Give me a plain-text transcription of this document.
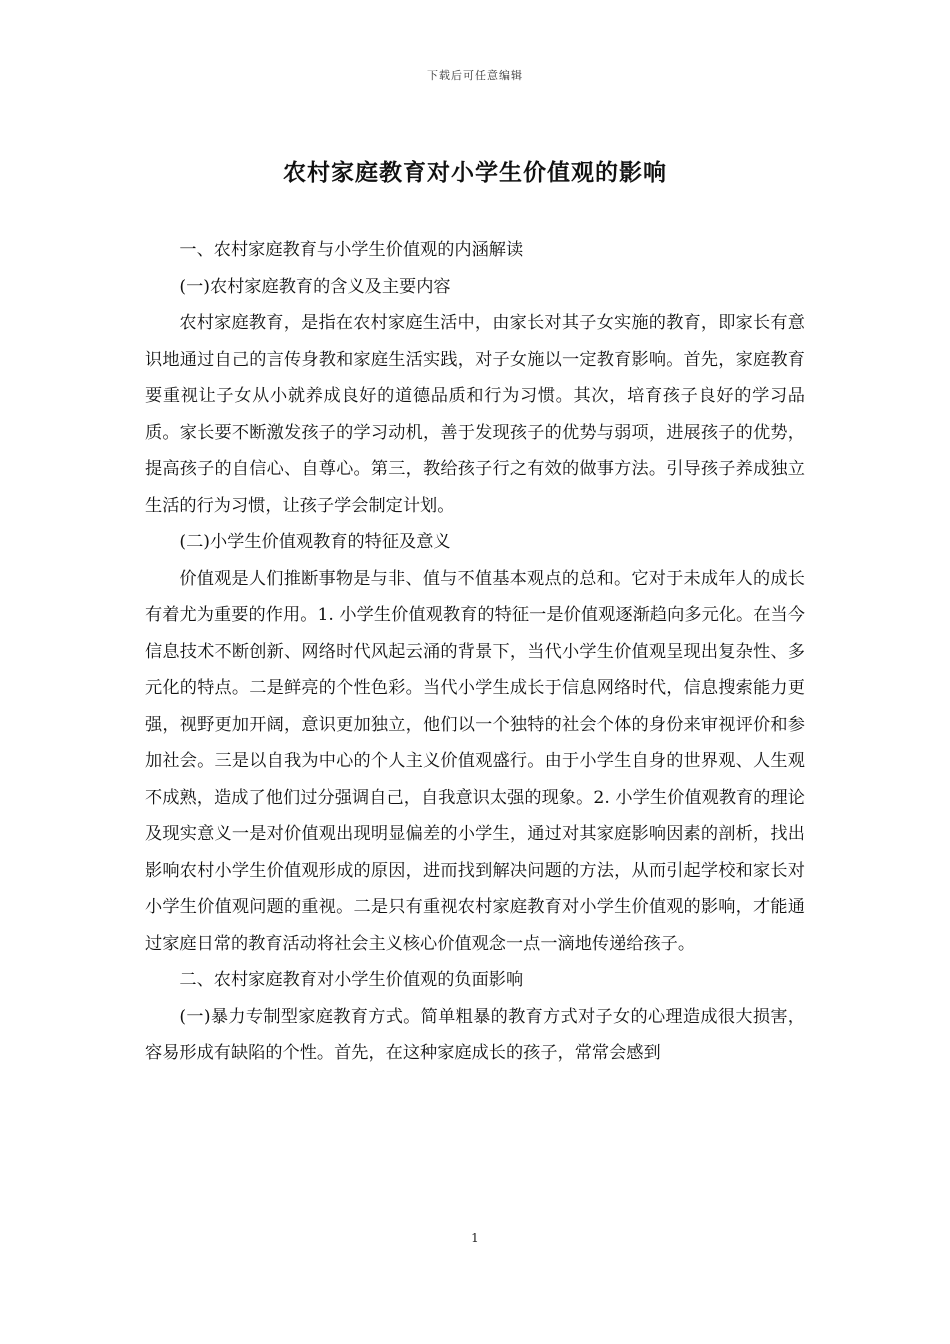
下载后可任意编辑
农村家庭教育对小学生价值观的影响

一、农村家庭教育与小学生价值观的内涵解读

(一)农村家庭教育的含义及主要内容

农村家庭教育，是指在农村家庭生活中，由家长对其子女实施的教育，即家长有意识地通过自己的言传身教和家庭生活实践，对子女施以一定教育影响。首先，家庭教育要重视让子女从小就养成良好的道德品质和行为习惯。其次，培育孩子良好的学习品质。家长要不断激发孩子的学习动机，善于发现孩子的优势与弱项，进展孩子的优势，提高孩子的自信心、自尊心。第三，教给孩子行之有效的做事方法。引导孩子养成独立生活的行为习惯，让孩子学会制定计划。

(二)小学生价值观教育的特征及意义

价值观是人们推断事物是与非、值与不值基本观点的总和。它对于未成年人的成长有着尤为重要的作用。1. 小学生价值观教育的特征一是价值观逐渐趋向多元化。在当今信息技术不断创新、网络时代风起云涌的背景下，当代小学生价值观呈现出复杂性、多元化的特点。二是鲜亮的个性色彩。当代小学生成长于信息网络时代，信息搜索能力更强，视野更加开阔，意识更加独立，他们以一个独特的社会个体的身份来审视评价和参加社会。三是以自我为中心的个人主义价值观盛行。由于小学生自身的世界观、人生观不成熟，造成了他们过分强调自己，自我意识太强的现象。2. 小学生价值观教育的理论及现实意义一是对价值观出现明显偏差的小学生，通过对其家庭影响因素的剖析，找出影响农村小学生价值观形成的原因，进而找到解决问题的方法，从而引起学校和家长对小学生价值观问题的重视。二是只有重视农村家庭教育对小学生价值观的影响，才能通过家庭日常的教育活动将社会主义核心价值观念一点一滴地传递给孩子。

二、农村家庭教育对小学生价值观的负面影响

(一)暴力专制型家庭教育方式。简单粗暴的教育方式对子女的心理造成很大损害，容易形成有缺陷的个性。首先，在这种家庭成长的孩子，常常会感到

1
